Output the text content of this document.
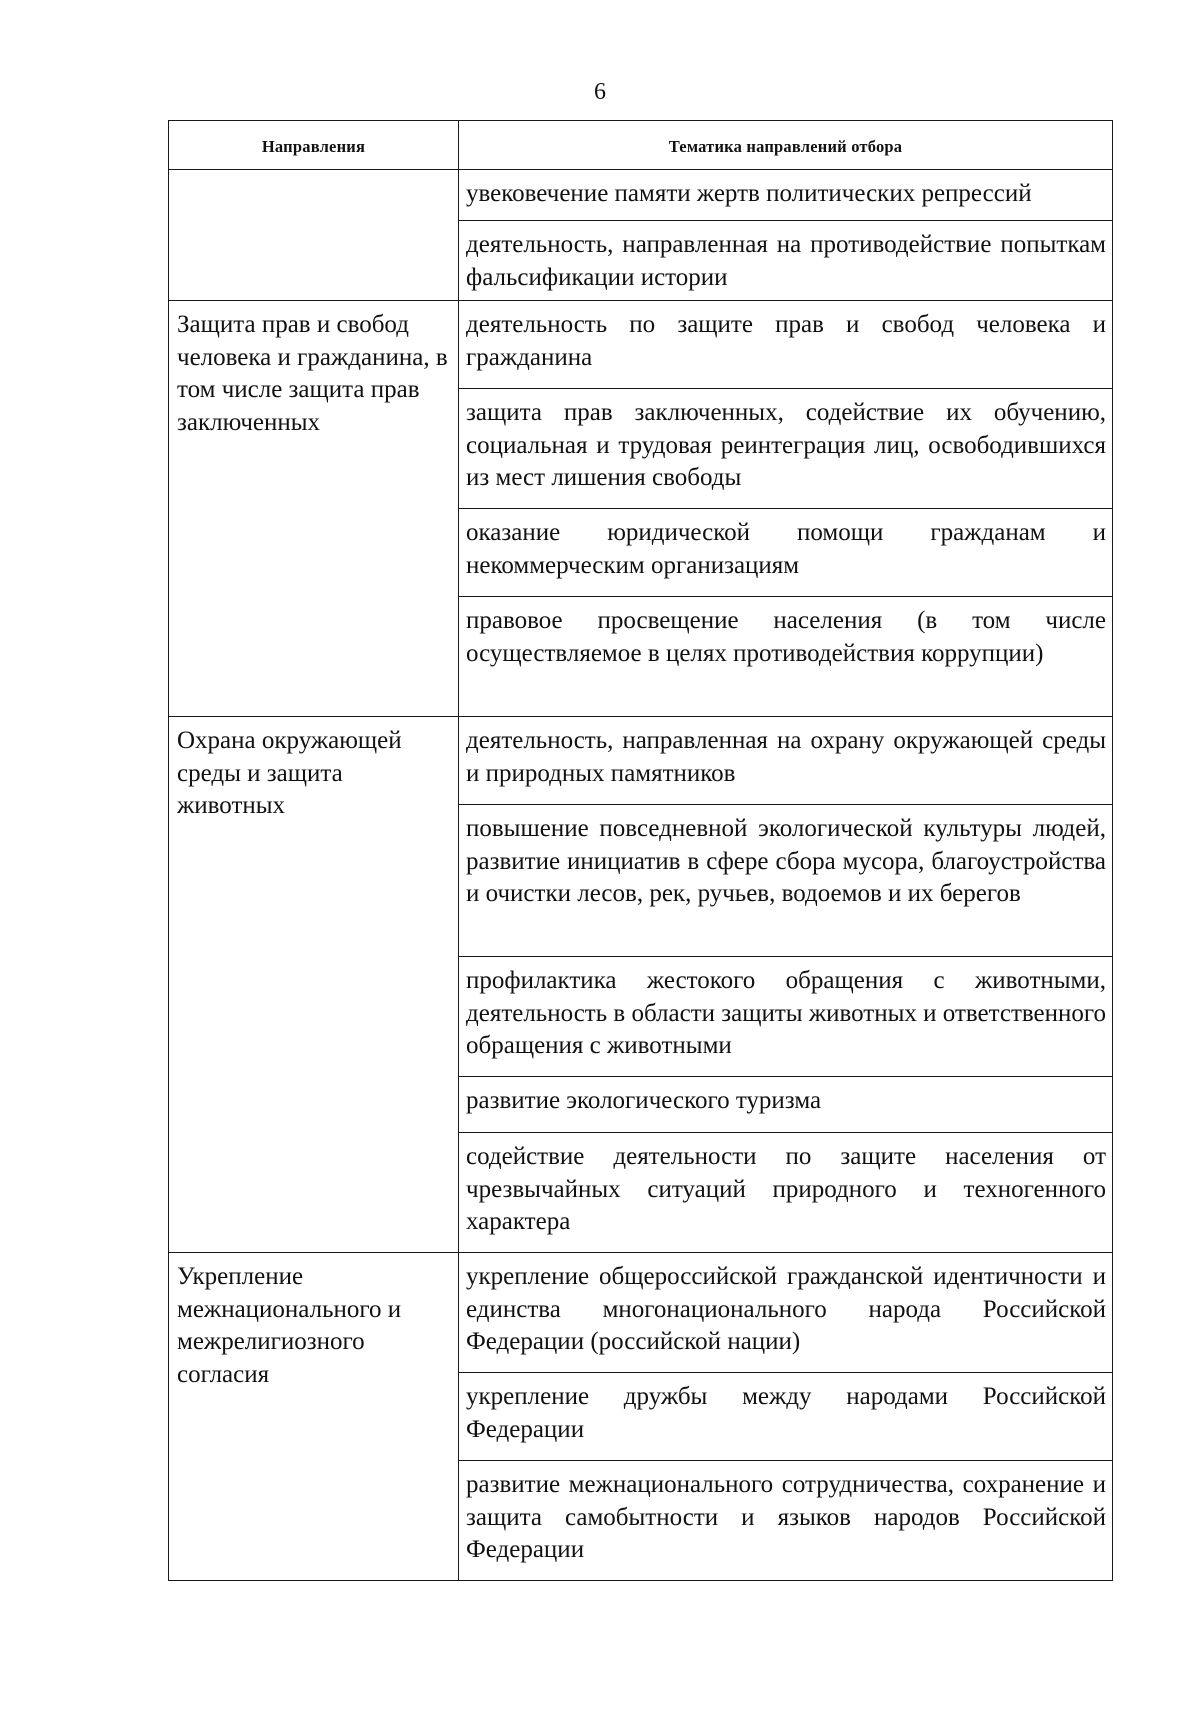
6
Направления	Тематика направлений отбора
	увековечение памяти жертв политических репрессий
	деятельность, направленная на противодействие попыткам фальсификации истории
Защита прав и свобод человека и гражданина, в том числе защита прав заключенных	деятельность по защите прав и свобод человека и гражданина
	защита прав заключенных, содействие их обучению, социальная и трудовая реинтеграция лиц, освободившихся из мест лишения свободы
	оказание юридической помощи гражданам и некоммерческим организациям
	правовое просвещение населения (в том числе осуществляемое в целях противодействия коррупции)
Охрана окружающей среды и защита животных	деятельность, направленная на охрану окружающей среды и природных памятников
	повышение повседневной экологической культуры людей, развитие инициатив в сфере сбора мусора, благоустройства и очистки лесов, рек, ручьев, водоемов и их берегов
	профилактика жестокого обращения с животными, деятельность в области защиты животных и ответственного обращения с животными
	развитие экологического туризма
	содействие деятельности по защите населения от чрезвычайных ситуаций природного и техногенного характера
Укрепление межнационального и межрелигиозного согласия	укрепление общероссийской гражданской идентичности и единства многонационального народа Российской Федерации (российской нации)
	укрепление дружбы между народами Российской Федерации
	развитие межнационального сотрудничества, сохранение и защита самобытности и языков народов Российской Федерации
